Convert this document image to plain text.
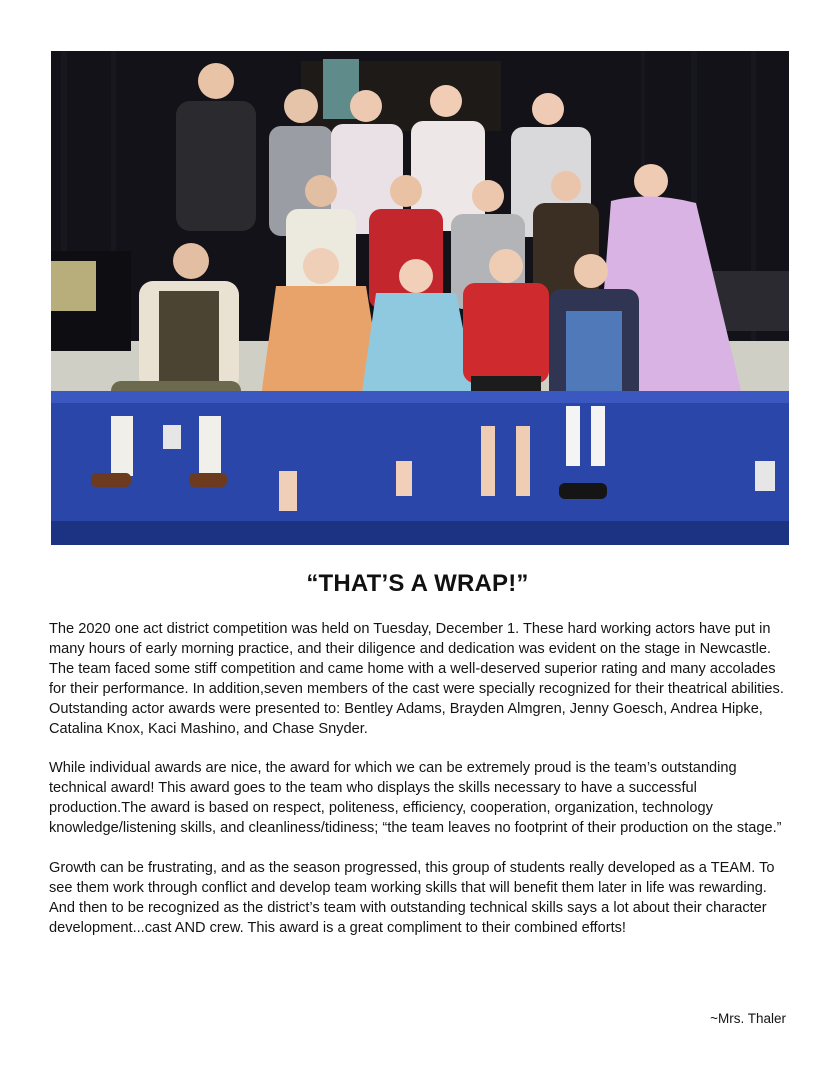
“THAT’S A WRAP!”

The 2020 one act district competition was held on Tuesday, December 1. These hard working actors have put in many hours of early morning practice, and their diligence and dedication was evident on the stage in Newcastle. The team faced some stiff competition and came home with a well-deserved superior rating and many accolades for their performance. In addition,seven members of the cast were specially recognized for their theatrical abilities. Outstanding actor awards were presented to: Bentley Adams, Brayden Almgren, Jenny Goesch, Andrea Hipke, Catalina Knox, Kaci Mashino, and Chase Snyder.

While individual awards are nice, the award for which we can be extremely proud is the team’s outstanding technical award! This award goes to the team who displays the skills necessary to have a successful production.The award is based on respect, politeness, efficiency, cooperation, organization, technology knowledge/listening skills, and cleanliness/tidiness; “the team leaves no footprint of their production on the stage.”

Growth can be frustrating, and as the season progressed, this group of students really developed as a TEAM. To see them work through conflict and develop team working skills that will benefit them later in life was rewarding. And then to be recognized as the district’s team with outstanding technical skills says a lot about their character development...cast AND crew. This award is a great compliment to their combined efforts!

~Mrs. Thaler
